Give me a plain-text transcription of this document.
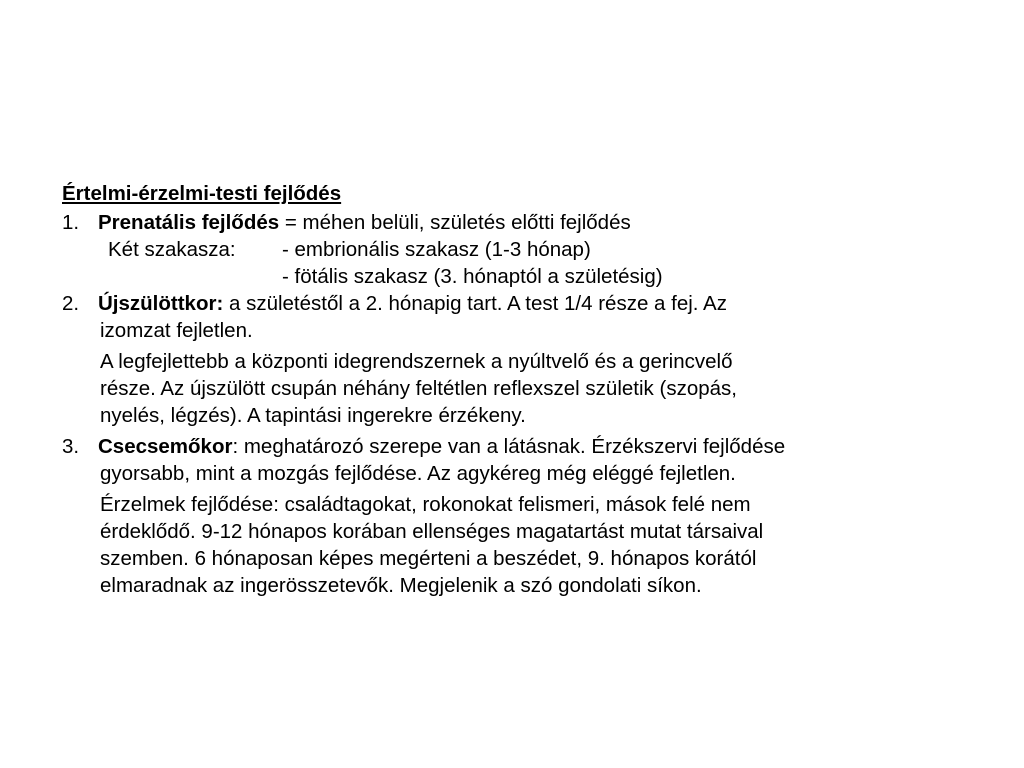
Értelmi-érzelmi-testi fejlődés
1. Prenatális fejlődés = méhen belüli, születés előtti fejlődés
Két szakasza:	- embrionális szakasz (1-3 hónap)
- fötális szakasz (3. hónaptól a születésig)
2. Újszülöttkor: a születéstől a 2. hónapig tart. A test 1/4 része a fej. Az
izomzat fejletlen.
A legfejlettebb a központi idegrendszernek a nyúltvelő és a gerincvelő
része. Az újszülött csupán néhány feltétlen reflexszel születik (szopás,
nyelés, légzés). A tapintási ingerekre érzékeny.
3. Csecsemőkor: meghatározó szerepe van a látásnak. Érzékszervi fejlődése
gyorsabb, mint a mozgás fejlődése. Az agykéreg még eléggé fejletlen.
Érzelmek fejlődése: családtagokat, rokonokat felismeri, mások felé nem
érdeklődő. 9-12 hónapos korában ellenséges magatartást mutat társaival
szemben. 6 hónaposan képes megérteni a beszédet, 9. hónapos korától
elmaradnak az ingerösszetevők. Megjelenik a szó gondolati síkon.
